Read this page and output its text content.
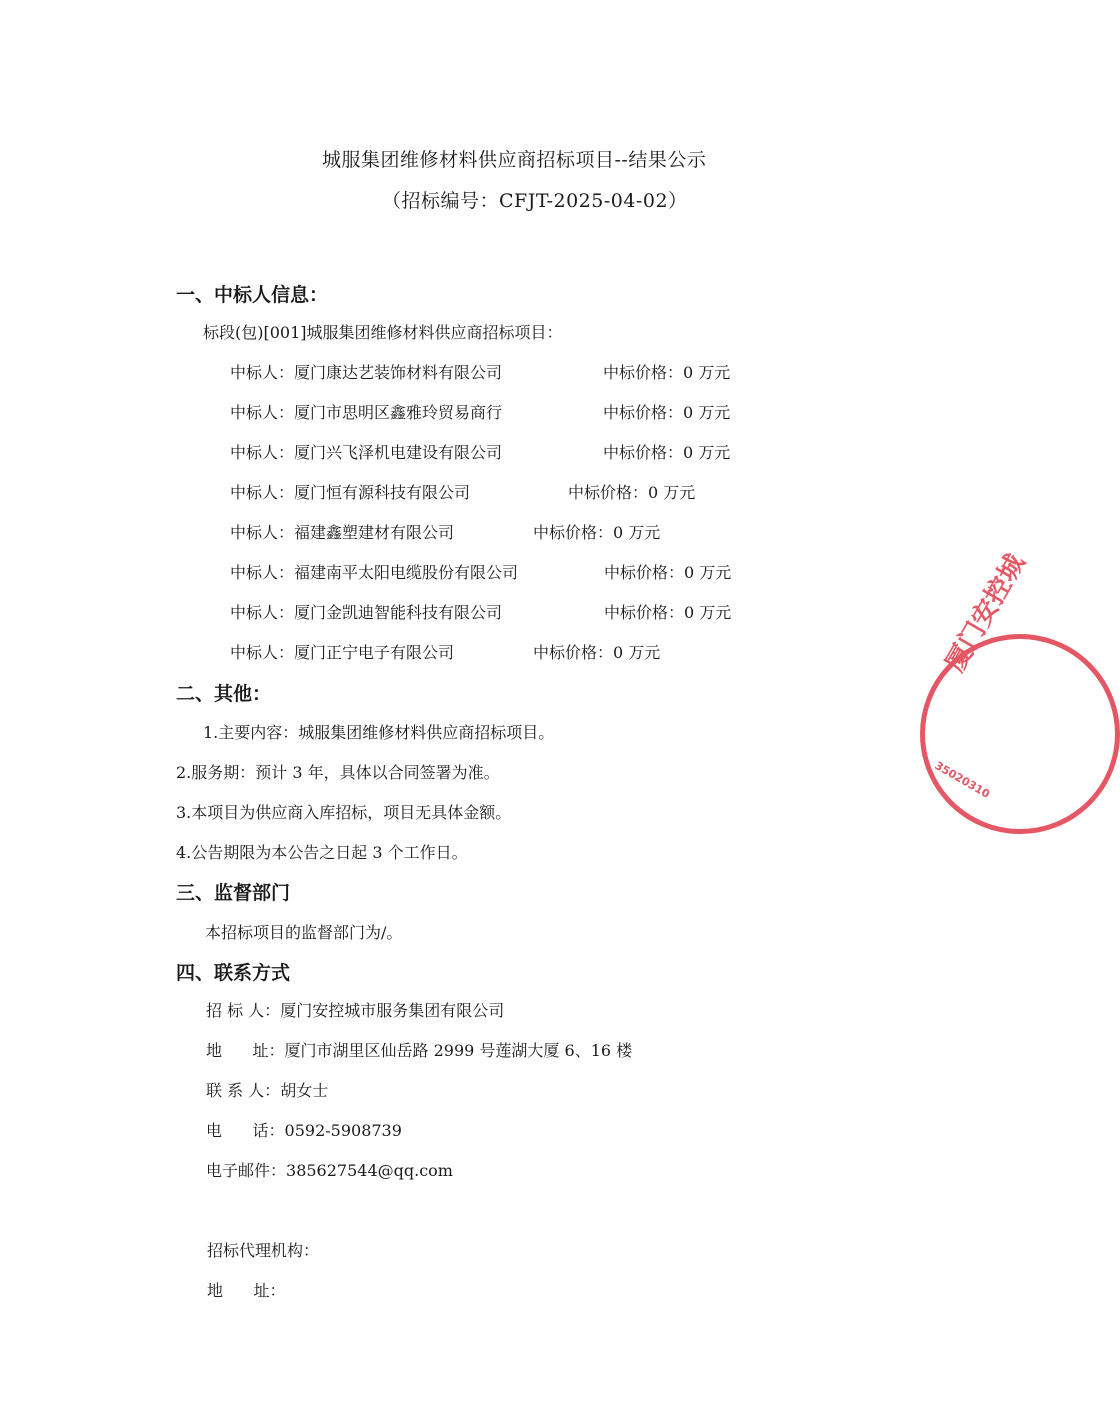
城服集团维修材料供应商招标项目--结果公示
（招标编号：CFJT-2025-04-02）
一、中标人信息：
标段(包)[001]城服集团维修材料供应商招标项目：
中标人：厦门康达艺装饰材料有限公司	中标价格：0 万元
中标人：厦门市思明区鑫雅玲贸易商行	中标价格：0 万元
中标人：厦门兴飞泽机电建设有限公司	中标价格：0 万元
中标人：厦门恒有源科技有限公司	中标价格：0 万元
中标人：福建鑫塑建材有限公司	中标价格：0 万元
中标人：福建南平太阳电缆股份有限公司	中标价格：0 万元
中标人：厦门金凯迪智能科技有限公司	中标价格：0 万元
中标人：厦门正宁电子有限公司	中标价格：0 万元
二、其他：
1.主要内容：城服集团维修材料供应商招标项目。
2.服务期：预计 3 年，具体以合同签署为准。
3.本项目为供应商入库招标，项目无具体金额。
4.公告期限为本公告之日起 3 个工作日。
三、监督部门
本招标项目的监督部门为/。
四、联系方式
招 标 人：厦门安控城市服务集团有限公司
地      址：厦门市湖里区仙岳路 2999 号莲湖大厦 6、16 楼
联 系 人：胡女士
电      话：0592-5908739
电子邮件：385627544@qq.com
招标代理机构：
地      址：
厦门安控城
35020310
